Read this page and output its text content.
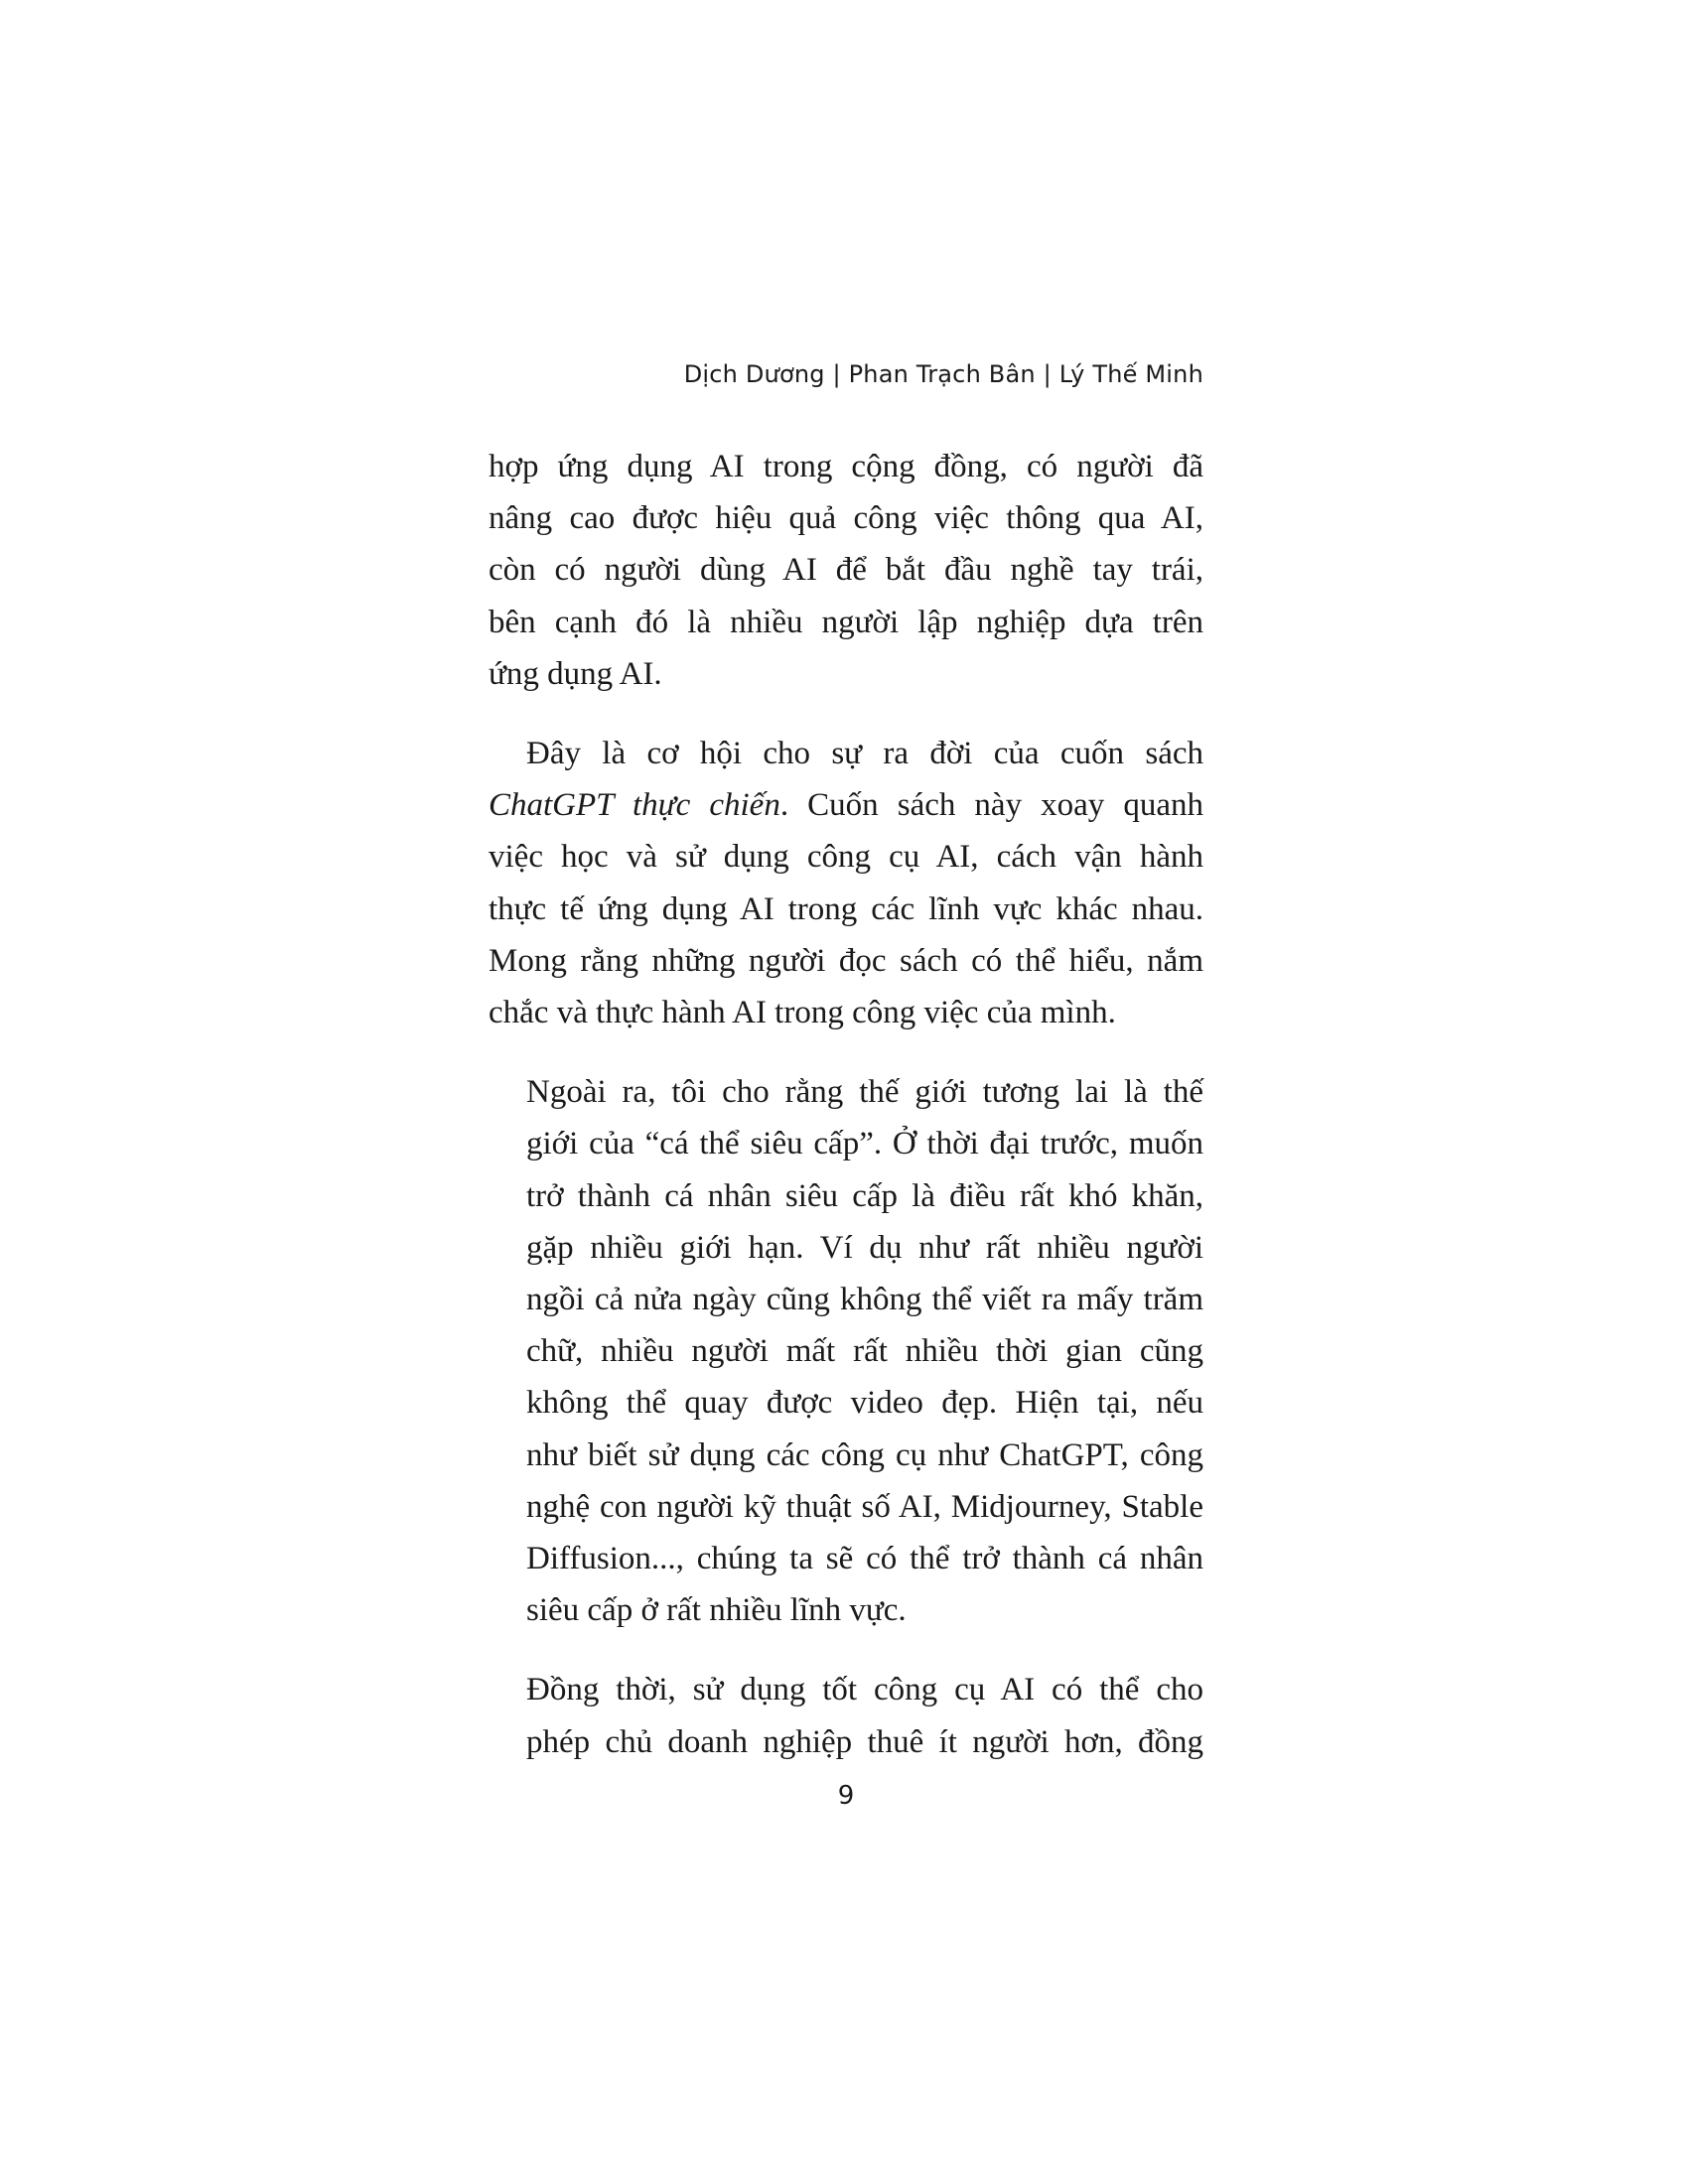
Dịch Dương | Phan Trạch Bân | Lý Thế Minh

hợp ứng dụng AI trong cộng đồng, có người đã
nâng cao được hiệu quả công việc thông qua AI,
còn có người dùng AI để bắt đầu nghề tay trái,
bên cạnh đó là nhiều người lập nghiệp dựa trên
ứng dụng AI.

Đây là cơ hội cho sự ra đời của cuốn sách
ChatGPT thực chiến. Cuốn sách này xoay quanh
việc học và sử dụng công cụ AI, cách vận hành
thực tế ứng dụng AI trong các lĩnh vực khác nhau.
Mong rằng những người đọc sách có thể hiểu, nắm
chắc và thực hành AI trong công việc của mình.

Ngoài ra, tôi cho rằng thế giới tương lai là thế
giới của “cá thể siêu cấp”. Ở thời đại trước, muốn
trở thành cá nhân siêu cấp là điều rất khó khăn,
gặp nhiều giới hạn. Ví dụ như rất nhiều người
ngồi cả nửa ngày cũng không thể viết ra mấy trăm
chữ, nhiều người mất rất nhiều thời gian cũng
không thể quay được video đẹp. Hiện tại, nếu
như biết sử dụng các công cụ như ChatGPT, công
nghệ con người kỹ thuật số AI, Midjourney, Stable
Diffusion..., chúng ta sẽ có thể trở thành cá nhân
siêu cấp ở rất nhiều lĩnh vực.

Đồng thời, sử dụng tốt công cụ AI có thể cho
phép chủ doanh nghiệp thuê ít người hơn, đồng

9
